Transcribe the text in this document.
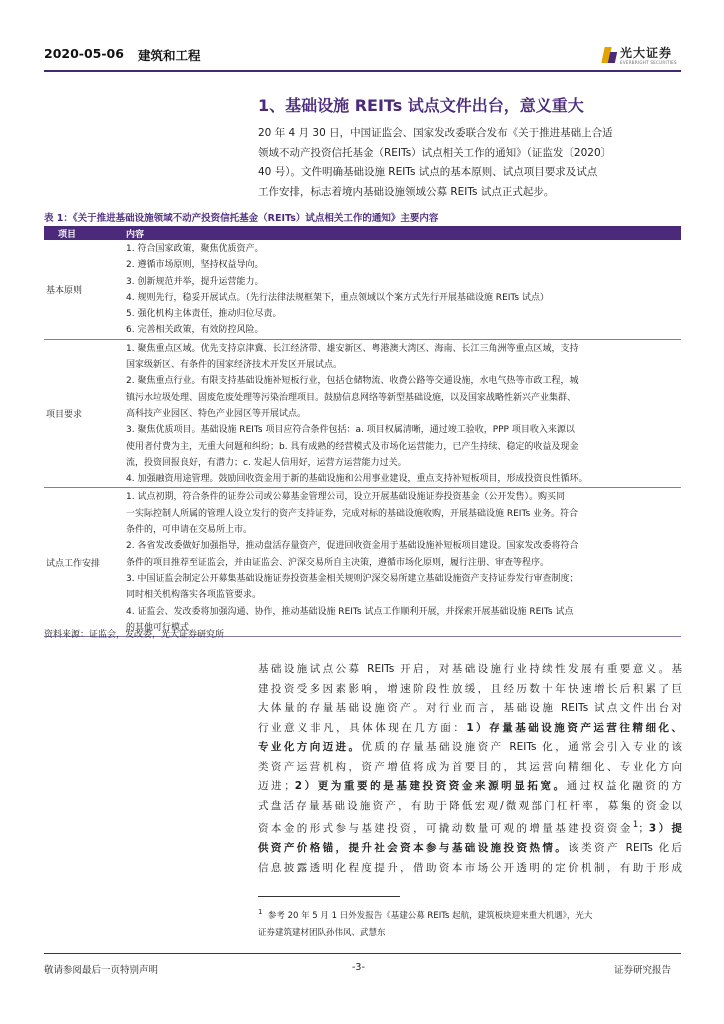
2020-05-06 建筑和工程	光大证券
EVERBRIGHT SECURITIES
1、基础设施 REITs 试点文件出台，意义重大
20 年 4 月 30 日，中国证监会、国家发改委联合发布《关于推进基础上合适
领域不动产投资信托基金（REITs）试点相关工作的通知》（证监发〔2020〕
40 号）。文件明确基础设施 REITs 试点的基本原则、试点项目要求及试点
工作安排，标志着境内基础设施领域公募 REITs 试点正式起步。
表 1：《关于推进基础设施领域不动产投资信托基金（REITs）试点相关工作的通知》主要内容
项目	内容
基本原则
1. 符合国家政策，聚焦优质资产。
2. 遵循市场原则，坚持权益导向。
3. 创新规范并举，提升运营能力。
4. 规则先行，稳妥开展试点。（先行法律法规框架下，重点领域以个案方式先行开展基础设施 REITs 试点）
5. 强化机构主体责任，推动归位尽责。
6. 完善相关政策，有效防控风险。
项目要求
1. 聚焦重点区域。优先支持京津冀、长江经济带、雄安新区、粤港澳大湾区、海南、长江三角洲等重点区域，支持
国家级新区、有条件的国家经济技术开发区开展试点。
2. 聚焦重点行业。有限支持基础设施补短板行业，包括仓储物流、收费公路等交通设施，水电气热等市政工程，城
镇污水垃圾处理、固废危废处理等污染治理项目。鼓励信息网络等新型基础设施，以及国家战略性新兴产业集群、
高科技产业园区、特色产业园区等开展试点。
3. 聚焦优质项目。基础设施 REITs 项目应符合条件包括：a. 项目权属清晰，通过竣工验收，PPP 项目收入来源以
使用者付费为主，无重大问题和纠纷；b. 具有成熟的经营模式及市场化运营能力，已产生持续、稳定的收益及现金
流，投资回报良好，有潜力；c. 发起人信用好，运营方运营能力过关。
4. 加强融资用途管理。鼓励回收资金用于新的基础设施和公用事业建设，重点支持补短板项目，形成投资良性循环。
试点工作安排
1. 试点初期，符合条件的证券公司或公募基金管理公司，设立开展基础设施证券投资基金（公开发售）。购买同
一实际控制人所属的管理人设立发行的资产支持证券，完成对标的基础设施收购，开展基础设施 REITs 业务。符合
条件的，可申请在交易所上市。
2. 各省发改委做好加强指导，推动盘活存量资产，促进回收资金用于基础设施补短板项目建设。国家发改委将符合
条件的项目推荐至证监会，并由证监会、沪深交易所自主决策，遵循市场化原则，履行注册、审查等程序。
3. 中国证监会制定公开募集基础设施证券投资基金相关规则沪深交易所建立基础设施资产支持证券发行审查制度；
同时相关机构落实各项监管要求。
4. 证监会、发改委将加强沟通、协作，推动基础设施 REITs 试点工作顺利开展，并探索开展基础设施 REITs 试点
的其他可行模式
资料来源：证监会，发改委，光大证券研究所
基础设施试点公募 REITs 开启，对基础设施行业持续性发展有重要意义。基
建投资受多因素影响，增速阶段性放缓，且经历数十年快速增长后积累了巨
大体量的存量基础设施资产。对行业而言，基础设施 REITs 试点文件出台对
行业意义非凡，具体体现在几方面：1）存量基础设施资产运营往精细化、
专业化方向迈进。优质的存量基础设施资产 REITs 化，通常会引入专业的该
类资产运营机构，资产增值将成为首要目的，其运营向精细化、专业化方向
迈进；2）更为重要的是基建投资资金来源明显拓宽。通过权益化融资的方
式盘活存量基础设施资产，有助于降低宏观/微观部门杠杆率，募集的资金以
资本金的形式参与基建投资，可撬动数量可观的增量基建投资资金$^1$；3）提
供资产价格锚，提升社会资本参与基础设施投资热情。该类资产 REITs 化后
信息披露透明化程度提升，借助资本市场公开透明的定价机制，有助于形成
$^1$ 参考 20 年 5 月 1 日外发报告《基建公募 REITs 起航，建筑板块迎来重大机遇》，光大
证券建筑建材团队孙伟风、武慧东
敬请参阅最后一页特别声明	-3-	证券研究报告
